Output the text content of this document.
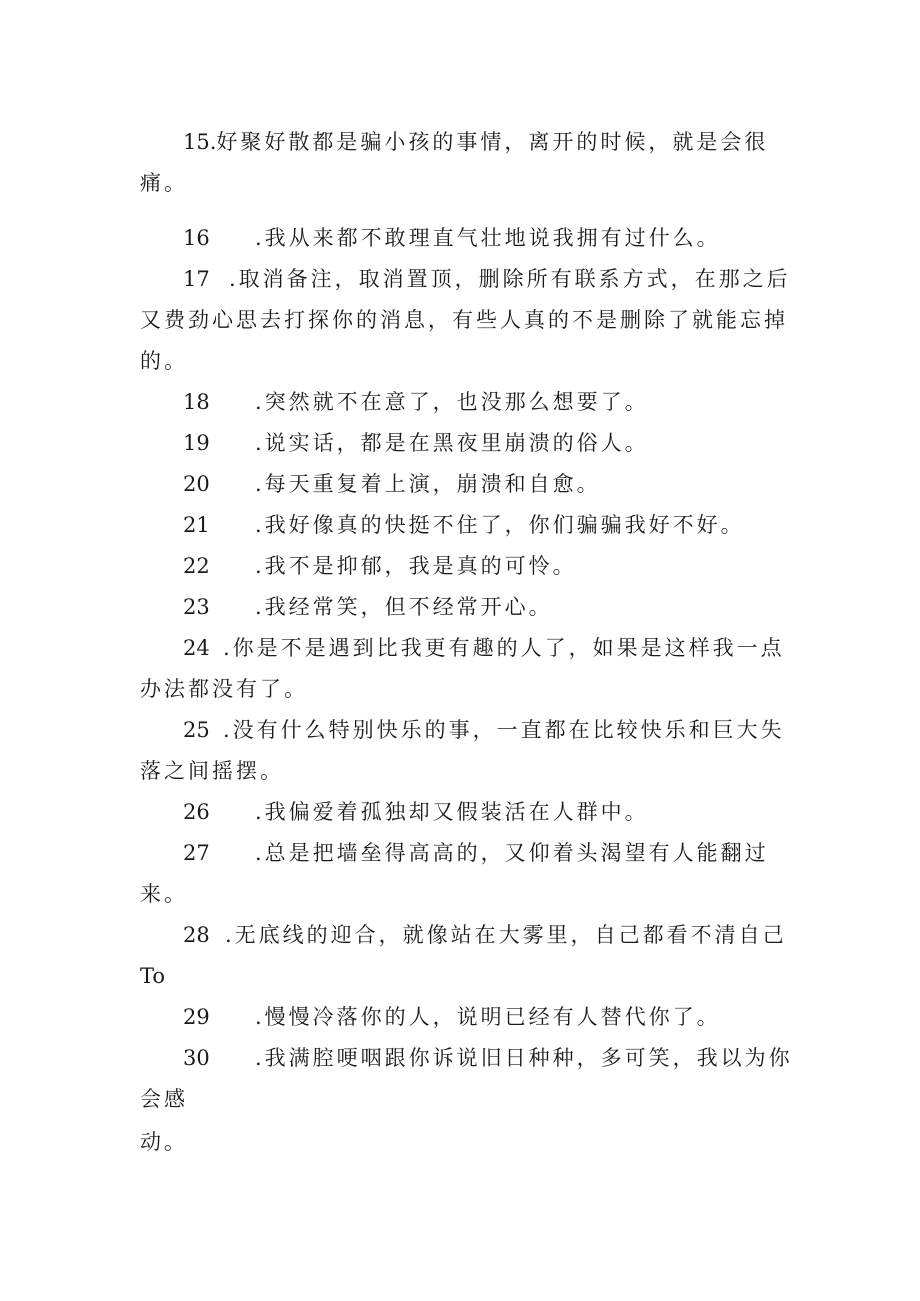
15.好聚好散都是骗小孩的事情，离开的时候，就是会很
痛。
16 .我从来都不敢理直气壮地说我拥有过什么。
17 .取消备注，取消置顶，删除所有联系方式，在那之后
又费劲心思去打探你的消息，有些人真的不是删除了就能忘掉
的。
18 .突然就不在意了，也没那么想要了。
19 .说实话，都是在黑夜里崩溃的俗人。
20 .每天重复着上演，崩溃和自愈。
21 .我好像真的快挺不住了，你们骗骗我好不好。
22 .我不是抑郁，我是真的可怜。
23 .我经常笑，但不经常开心。
24 .你是不是遇到比我更有趣的人了，如果是这样我一点
办法都没有了。
25 .没有什么特别快乐的事，一直都在比较快乐和巨大失
落之间摇摆。
26 .我偏爱着孤独却又假装活在人群中。
27 .总是把墙垒得高高的，又仰着头渴望有人能翻过
来。
28 .无底线的迎合，就像站在大雾里，自己都看不清自己
To
29 .慢慢冷落你的人，说明已经有人替代你了。
30 .我满腔哽咽跟你诉说旧日种种，多可笑，我以为你
会感
动。
